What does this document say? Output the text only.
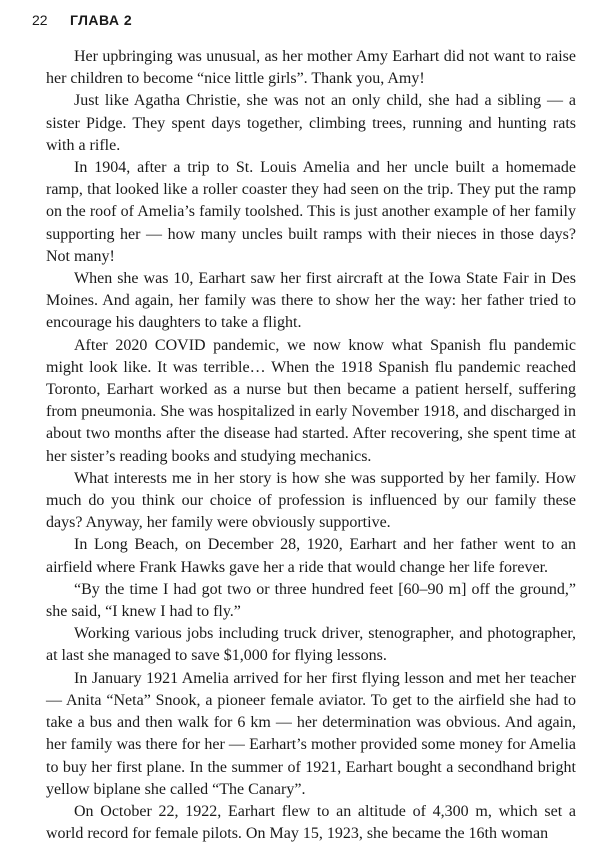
22	ГЛАВА 2

Her upbringing was unusual, as her mother Amy Earhart did not want to raise her children to become “nice little girls”. Thank you, Amy!

Just like Agatha Christie, she was not an only child, she had a sibling — a sister Pidge. They spent days together, climbing trees, running and hunting rats with a rifle.

In 1904, after a trip to St. Louis Amelia and her uncle built a homemade ramp, that looked like a roller coaster they had seen on the trip. They put the ramp on the roof of Amelia’s family toolshed. This is just another example of her family supporting her — how many uncles built ramps with their nieces in those days? Not many!

When she was 10, Earhart saw her first aircraft at the Iowa State Fair in Des Moines. And again, her family was there to show her the way: her father tried to encourage his daughters to take a flight.

After 2020 COVID pandemic, we now know what Spanish flu pandemic might look like. It was terrible… When the 1918 Spanish flu pandemic reached Toronto, Earhart worked as a nurse but then became a patient herself, suffering from pneumonia. She was hospitalized in early November 1918, and discharged in about two months after the disease had started. After recovering, she spent time at her sister’s reading books and studying mechanics.

What interests me in her story is how she was supported by her family. How much do you think our choice of profession is influenced by our family these days? Anyway, her family were obviously supportive.

In Long Beach, on December 28, 1920, Earhart and her father went to an airfield where Frank Hawks gave her a ride that would change her life forever.

“By the time I had got two or three hundred feet [60–90 m] off the ground,” she said, “I knew I had to fly.”

Working various jobs including truck driver, stenographer, and photographer, at last she managed to save $1,000 for flying lessons.

In January 1921 Amelia arrived for her first flying lesson and met her teacher — Anita “Neta” Snook, a pioneer female aviator. To get to the airfield she had to take a bus and then walk for 6 km — her determination was obvious. And again, her family was there for her — Earhart’s mother provided some money for Amelia to buy her first plane. In the summer of 1921, Earhart bought a secondhand bright yellow biplane she called “The Canary”.

On October 22, 1922, Earhart flew to an altitude of 4,300 m, which set a world record for female pilots. On May 15, 1923, she became the 16th woman
